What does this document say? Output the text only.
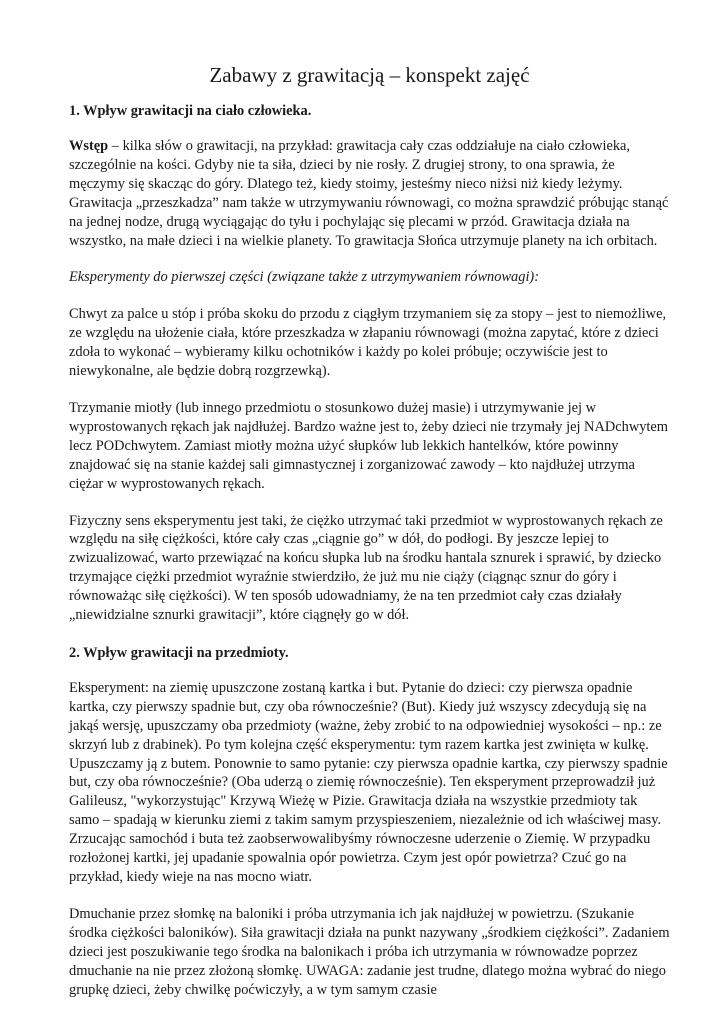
Zabawy z grawitacją – konspekt zajęć
1. Wpływ grawitacji na ciało człowieka.

Wstęp – kilka słów o grawitacji, na przykład: grawitacja cały czas oddziałuje na ciało człowieka, szczególnie na kości. Gdyby nie ta siła, dzieci by nie rosły. Z drugiej strony, to ona sprawia, że męczymy się skacząc do góry. Dlatego też, kiedy stoimy, jesteśmy nieco niżsi niż kiedy leżymy. Grawitacja „przeszkadza” nam także w utrzymywaniu równowagi, co można sprawdzić próbując stanąć na jednej nodze, drugą wyciągając do tyłu i pochylając się plecami w przód. Grawitacja działa na wszystko, na małe dzieci i na wielkie planety. To grawitacja Słońca utrzymuje planety na ich orbitach.

Eksperymenty do pierwszej części (związane także z utrzymywaniem równowagi):

Chwyt za palce u stóp i próba skoku do przodu z ciągłym trzymaniem się za stopy – jest to niemożliwe, ze względu na ułożenie ciała, które przeszkadza w złapaniu równowagi (można zapytać, które z dzieci zdoła to wykonać – wybieramy kilku ochotników i każdy po kolei próbuje; oczywiście jest to niewykonalne, ale będzie dobrą rozgrzewką).

Trzymanie miotły (lub innego przedmiotu o stosunkowo dużej masie) i utrzymywanie jej w wyprostowanych rękach jak najdłużej. Bardzo ważne jest to, żeby dzieci nie trzymały jej NADchwytem lecz PODchwytem. Zamiast miotły można użyć słupków lub lekkich hantelków, które powinny znajdować się na stanie każdej sali gimnastycznej i zorganizować zawody – kto najdłużej utrzyma ciężar w wyprostowanych rękach.

Fizyczny sens eksperymentu jest taki, że ciężko utrzymać taki przedmiot w wyprostowanych rękach ze względu na siłę ciężkości, które cały czas „ciągnie go” w dół, do podłogi. By jeszcze lepiej to zwizualizować, warto przewiązać na końcu słupka lub na środku hantala sznurek i sprawić, by dziecko trzymające ciężki przedmiot wyraźnie stwierdziło, że już mu nie ciąży (ciągnąc sznur do góry i równoważąc siłę ciężkości). W ten sposób udowadniamy, że na ten przedmiot cały czas działały „niewidzialne sznurki grawitacji”, które ciągnęły go w dół.

2. Wpływ grawitacji na przedmioty.

Eksperyment: na ziemię upuszczone zostaną kartka i but. Pytanie do dzieci: czy pierwsza opadnie kartka, czy pierwszy spadnie but, czy oba równocześnie? (But). Kiedy już wszyscy zdecydują się na jakąś wersję, upuszczamy oba przedmioty (ważne, żeby zrobić to na odpowiedniej wysokości – np.: ze skrzyń lub z drabinek). Po tym kolejna część eksperymentu: tym razem kartka jest zwinięta w kulkę. Upuszczamy ją z butem. Ponownie to samo pytanie: czy pierwsza opadnie kartka, czy pierwszy spadnie but, czy oba równocześnie? (Oba uderzą o ziemię równocześnie). Ten eksperyment przeprowadził już Galileusz, "wykorzystując" Krzywą Wieżę w Pizie. Grawitacja działa na wszystkie przedmioty tak samo – spadają w kierunku ziemi z takim samym przyspieszeniem, niezależnie od ich właściwej masy. Zrzucając samochód i buta też zaobserwowalibyśmy równoczesne uderzenie o Ziemię. W przypadku rozłożonej kartki, jej upadanie spowalnia opór powietrza. Czym jest opór powietrza? Czuć go na przykład, kiedy wieje na nas mocno wiatr.

Dmuchanie przez słomkę na baloniki i próba utrzymania ich jak najdłużej w powietrzu. (Szukanie środka ciężkości baloników). Siła grawitacji działa na punkt nazywany „środkiem ciężkości”. Zadaniem dzieci jest poszukiwanie tego środka na balonikach i próba ich utrzymania w równowadze poprzez dmuchanie na nie przez złożoną słomkę. UWAGA: zadanie jest trudne, dlatego można wybrać do niego grupkę dzieci, żeby chwilkę poćwiczyły, a w tym samym czasie
